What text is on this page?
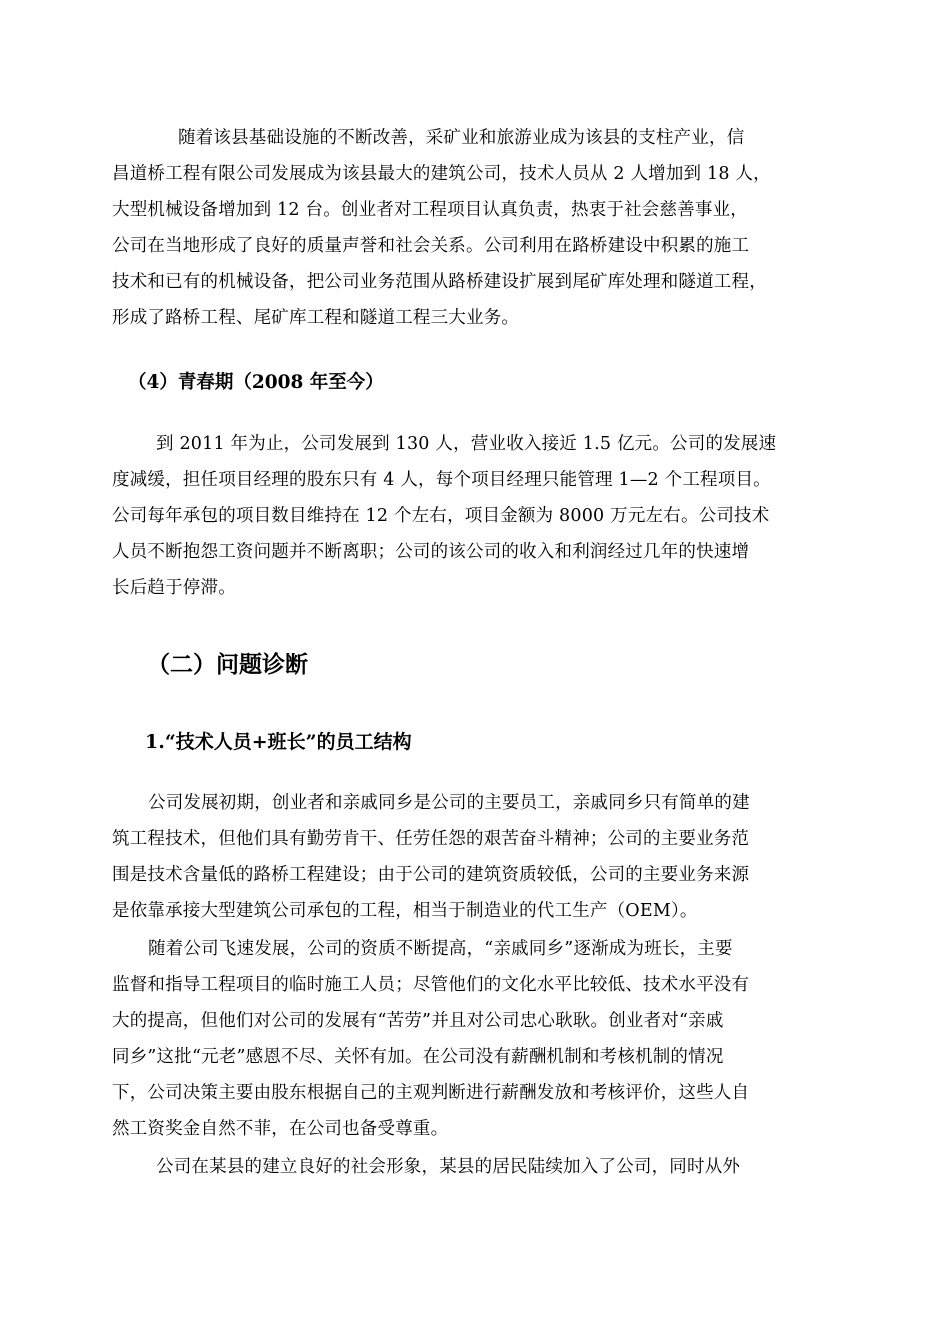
随着该县基础设施的不断改善，采矿业和旅游业成为该县的支柱产业，信
昌道桥工程有限公司发展成为该县最大的建筑公司，技术人员从 2 人增加到 18 人，
大型机械设备增加到 12 台。创业者对工程项目认真负责，热衷于社会慈善事业，
公司在当地形成了良好的质量声誉和社会关系。公司利用在路桥建设中积累的施工
技术和已有的机械设备，把公司业务范围从路桥建设扩展到尾矿库处理和隧道工程，
形成了路桥工程、尾矿库工程和隧道工程三大业务。
（4）青春期（2008 年至今）
到 2011 年为止，公司发展到 130 人，营业收入接近 1.5 亿元。公司的发展速
度减缓，担任项目经理的股东只有 4 人，每个项目经理只能管理 1—2 个工程项目。
公司每年承包的项目数目维持在 12 个左右，项目金额为 8000 万元左右。公司技术
人员不断抱怨工资问题并不断离职；公司的该公司的收入和利润经过几年的快速增
长后趋于停滞。
（二）问题诊断
1.“技术人员+班长”的员工结构
公司发展初期，创业者和亲戚同乡是公司的主要员工，亲戚同乡只有简单的建
筑工程技术，但他们具有勤劳肯干、任劳任怨的艰苦奋斗精神；公司的主要业务范
围是技术含量低的路桥工程建设；由于公司的建筑资质较低，公司的主要业务来源
是依靠承接大型建筑公司承包的工程，相当于制造业的代工生产（OEM）。
随着公司飞速发展，公司的资质不断提高，“亲戚同乡”逐渐成为班长，主要
监督和指导工程项目的临时施工人员；尽管他们的文化水平比较低、技术水平没有
大的提高，但他们对公司的发展有“苦劳”并且对公司忠心耿耿。创业者对“亲戚
同乡”这批“元老”感恩不尽、关怀有加。在公司没有薪酬机制和考核机制的情况
下，公司决策主要由股东根据自己的主观判断进行薪酬发放和考核评价，这些人自
然工资奖金自然不菲，在公司也备受尊重。
公司在某县的建立良好的社会形象，某县的居民陆续加入了公司，同时从外
